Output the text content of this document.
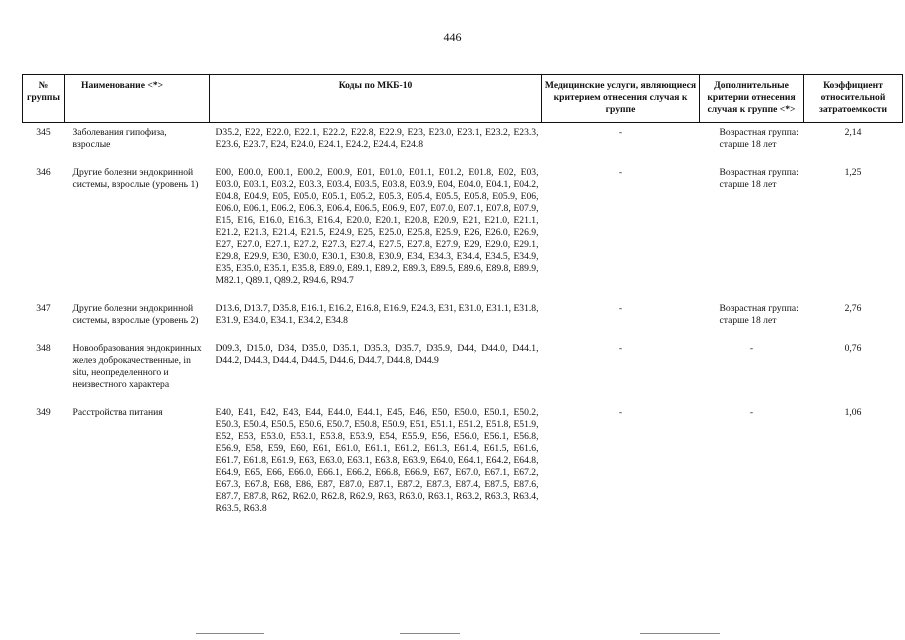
446
№ группы	Наименование <*>	Коды по МКБ-10	Медицинские услуги, являющиеся критерием отнесения случая к группе	Дополнительные критерии отнесения случая к группе <*>	Коэффициент относительной затратоемкости
345	Заболевания гипофиза, взрослые	D35.2, E22, E22.0, E22.1, E22.2, E22.8, E22.9, E23, E23.0, E23.1, E23.2, E23.3, E23.6, E23.7, E24, E24.0, E24.1, E24.2, E24.4, E24.8	-	Возрастная группа: старше 18 лет	2,14
346	Другие болезни эндокринной системы, взрослые (уровень 1)	E00, E00.0, E00.1, E00.2, E00.9, E01, E01.0, E01.1, E01.2, E01.8, E02, E03, E03.0, E03.1, E03.2, E03.3, E03.4, E03.5, E03.8, E03.9, E04, E04.0, E04.1, E04.2, E04.8, E04.9, E05, E05.0, E05.1, E05.2, E05.3, E05.4, E05.5, E05.8, E05.9, E06, E06.0, E06.1, E06.2, E06.3, E06.4, E06.5, E06.9, E07, E07.0, E07.1, E07.8, E07.9, E15, E16, E16.0, E16.3, E16.4, E20.0, E20.1, E20.8, E20.9, E21, E21.0, E21.1, E21.2, E21.3, E21.4, E21.5, E24.9, E25, E25.0, E25.8, E25.9, E26, E26.0, E26.9, E27, E27.0, E27.1, E27.2, E27.3, E27.4, E27.5, E27.8, E27.9, E29, E29.0, E29.1, E29.8, E29.9, E30, E30.0, E30.1, E30.8, E30.9, E34, E34.3, E34.4, E34.5, E34.9, E35, E35.0, E35.1, E35.8, E89.0, E89.1, E89.2, E89.3, E89.5, E89.6, E89.8, E89.9, M82.1, Q89.1, Q89.2, R94.6, R94.7	-	Возрастная группа: старше 18 лет	1,25
347	Другие болезни эндокринной системы, взрослые (уровень 2)	D13.6, D13.7, D35.8, E16.1, E16.2, E16.8, E16.9, E24.3, E31, E31.0, E31.1, E31.8, E31.9, E34.0, E34.1, E34.2, E34.8	-	Возрастная группа: старше 18 лет	2,76
348	Новообразования эндокринных желез доброкачественные, in situ, неопределенного и неизвестного характера	D09.3, D15.0, D34, D35.0, D35.1, D35.3, D35.7, D35.9, D44, D44.0, D44.1, D44.2, D44.3, D44.4, D44.5, D44.6, D44.7, D44.8, D44.9	-	-	0,76
349	Расстройства питания	E40, E41, E42, E43, E44, E44.0, E44.1, E45, E46, E50, E50.0, E50.1, E50.2, E50.3, E50.4, E50.5, E50.6, E50.7, E50.8, E50.9, E51, E51.1, E51.2, E51.8, E51.9, E52, E53, E53.0, E53.1, E53.8, E53.9, E54, E55.9, E56, E56.0, E56.1, E56.8, E56.9, E58, E59, E60, E61, E61.0, E61.1, E61.2, E61.3, E61.4, E61.5, E61.6, E61.7, E61.8, E61.9, E63, E63.0, E63.1, E63.8, E63.9, E64.0, E64.1, E64.2, E64.8, E64.9, E65, E66, E66.0, E66.1, E66.2, E66.8, E66.9, E67, E67.0, E67.1, E67.2, E67.3, E67.8, E68, E86, E87, E87.0, E87.1, E87.2, E87.3, E87.4, E87.5, E87.6, E87.7, E87.8, R62, R62.0, R62.8, R62.9, R63, R63.0, R63.1, R63.2, R63.3, R63.4, R63.5, R63.8	-	-	1,06
